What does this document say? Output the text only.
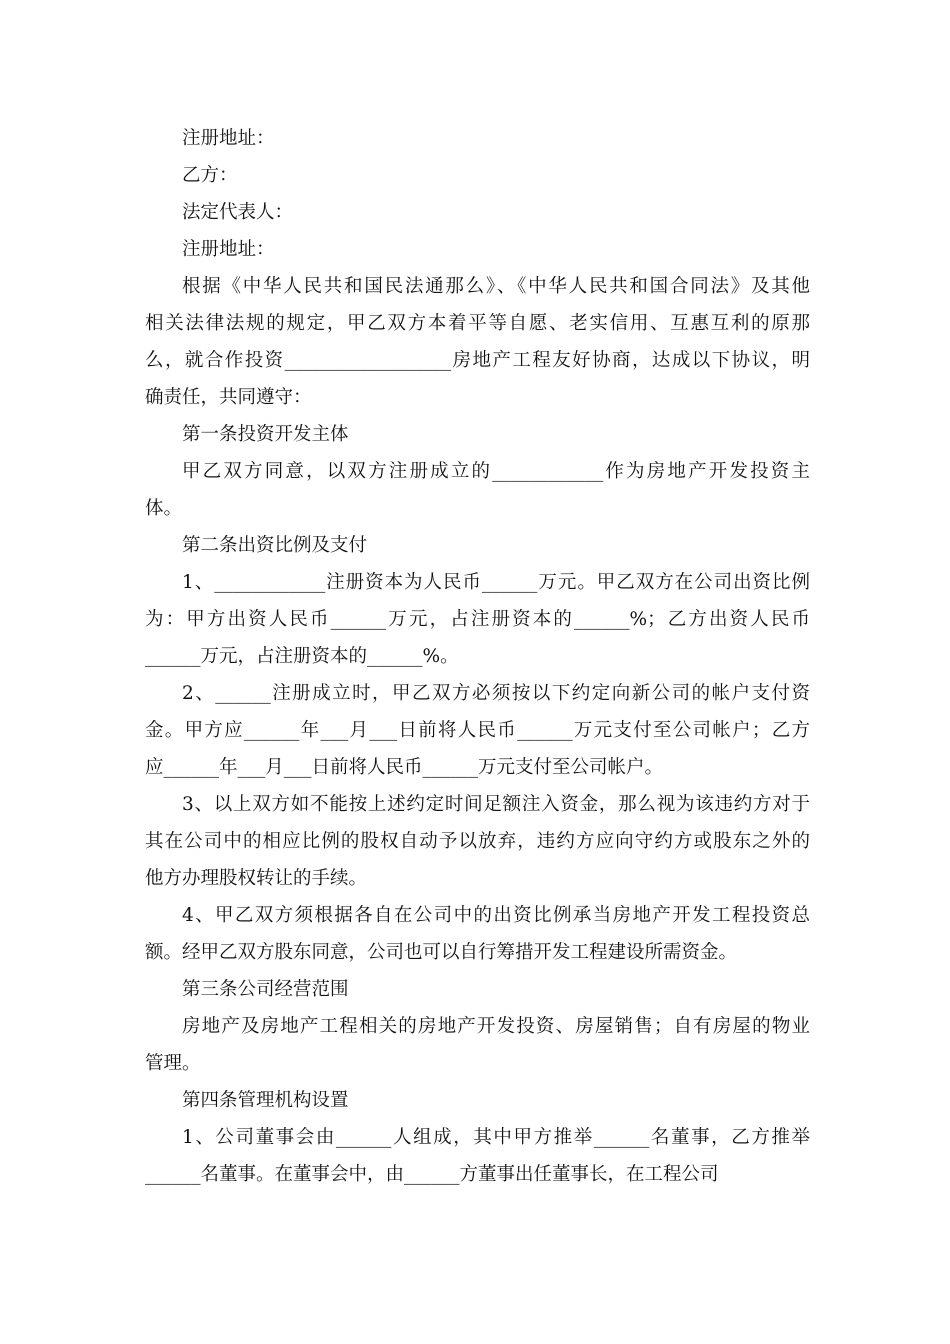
注册地址：
乙方：
法定代表人：
注册地址：
根据《中华人民共和国民法通那么》、《中华人民共和国合同法》及其他
相关法律法规的规定，甲乙双方本着平等自愿、老实信用、互惠互利的原那
么，就合作投资__________________房地产工程友好协商，达成以下协议，明
确责任，共同遵守：
第一条投资开发主体
甲乙双方同意，以双方注册成立的____________作为房地产开发投资主
体。
第二条出资比例及支付
1、____________注册资本为人民币______万元。甲乙双方在公司出资比例
为：甲方出资人民币______万元，占注册资本的______%；乙方出资人民币
______万元，占注册资本的______%。
2、______注册成立时，甲乙双方必须按以下约定向新公司的帐户支付资
金。甲方应______年___月___日前将人民币______万元支付至公司帐户；乙方
应______年___月___日前将人民币______万元支付至公司帐户。
3、以上双方如不能按上述约定时间足额注入资金，那么视为该违约方对于
其在公司中的相应比例的股权自动予以放弃，违约方应向守约方或股东之外的
他方办理股权转让的手续。
4、甲乙双方须根据各自在公司中的出资比例承当房地产开发工程投资总
额。经甲乙双方股东同意，公司也可以自行筹措开发工程建设所需资金。
第三条公司经营范围
房地产及房地产工程相关的房地产开发投资、房屋销售；自有房屋的物业
管理。
第四条管理机构设置
1、公司董事会由______人组成，其中甲方推举______名董事，乙方推举
______名董事。在董事会中，由______方董事出任董事长，在工程公司
